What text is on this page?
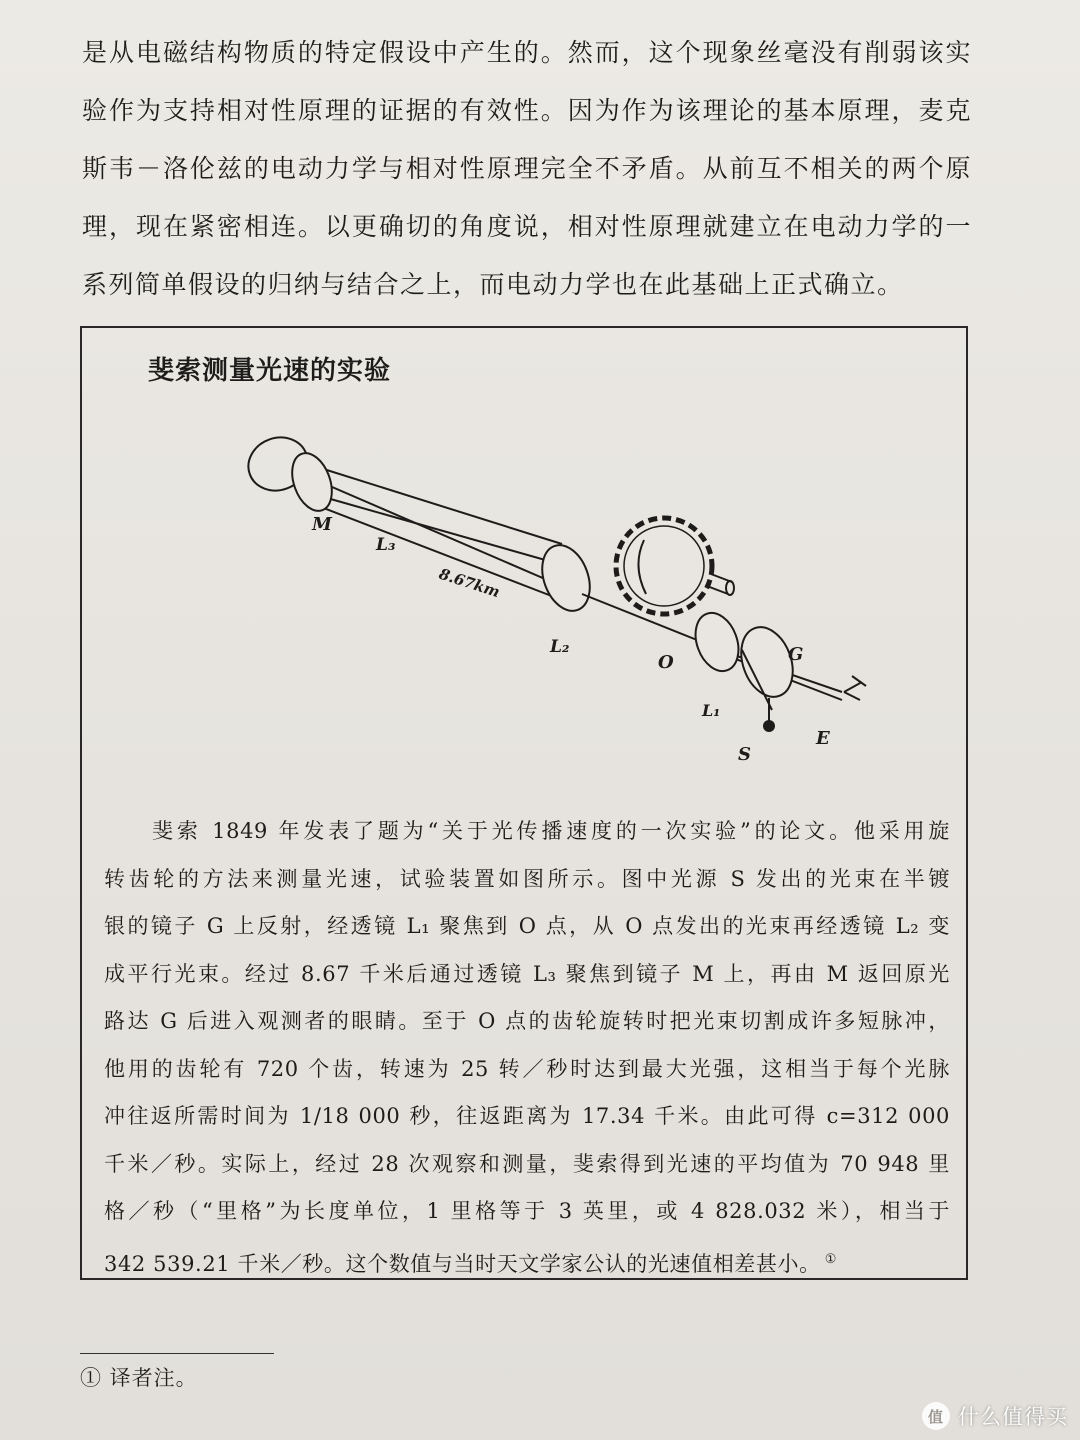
是从电磁结构物质的特定假设中产生的。然而，这个现象丝毫没有削弱该实
验作为支持相对性原理的证据的有效性。因为作为该理论的基本原理，麦克
斯韦－洛伦兹的电动力学与相对性原理完全不矛盾。从前互不相关的两个原
理，现在紧密相连。以更确切的角度说，相对性原理就建立在电动力学的一
系列简单假设的归纳与结合之上，而电动力学也在此基础上正式确立。
斐索测量光速的实验
M
L₃
8.67km
L₂
O	G
L₁
E
S
斐索 1849 年发表了题为“关于光传播速度的一次实验”的论文。他采用旋
转齿轮的方法来测量光速，试验装置如图所示。图中光源 S 发出的光束在半镀
银的镜子 G 上反射，经透镜 L₁ 聚焦到 O 点，从 O 点发出的光束再经透镜 L₂ 变
成平行光束。经过 8.67 千米后通过透镜 L₃ 聚焦到镜子 M 上，再由 M 返回原光
路达 G 后进入观测者的眼睛。至于 O 点的齿轮旋转时把光束切割成许多短脉冲，
他用的齿轮有 720 个齿，转速为 25 转／秒时达到最大光强，这相当于每个光脉
冲往返所需时间为 1/18 000 秒，往返距离为 17.34 千米。由此可得 c=312 000
千米／秒。实际上，经过 28 次观察和测量，斐索得到光速的平均值为 70 948 里
格／秒（“里格”为长度单位，1 里格等于 3 英里，或 4 828.032 米），相当于
342 539.21 千米／秒。这个数值与当时天文学家公认的光速值相差甚小。 ①
① 译者注。
值 什么值得买
